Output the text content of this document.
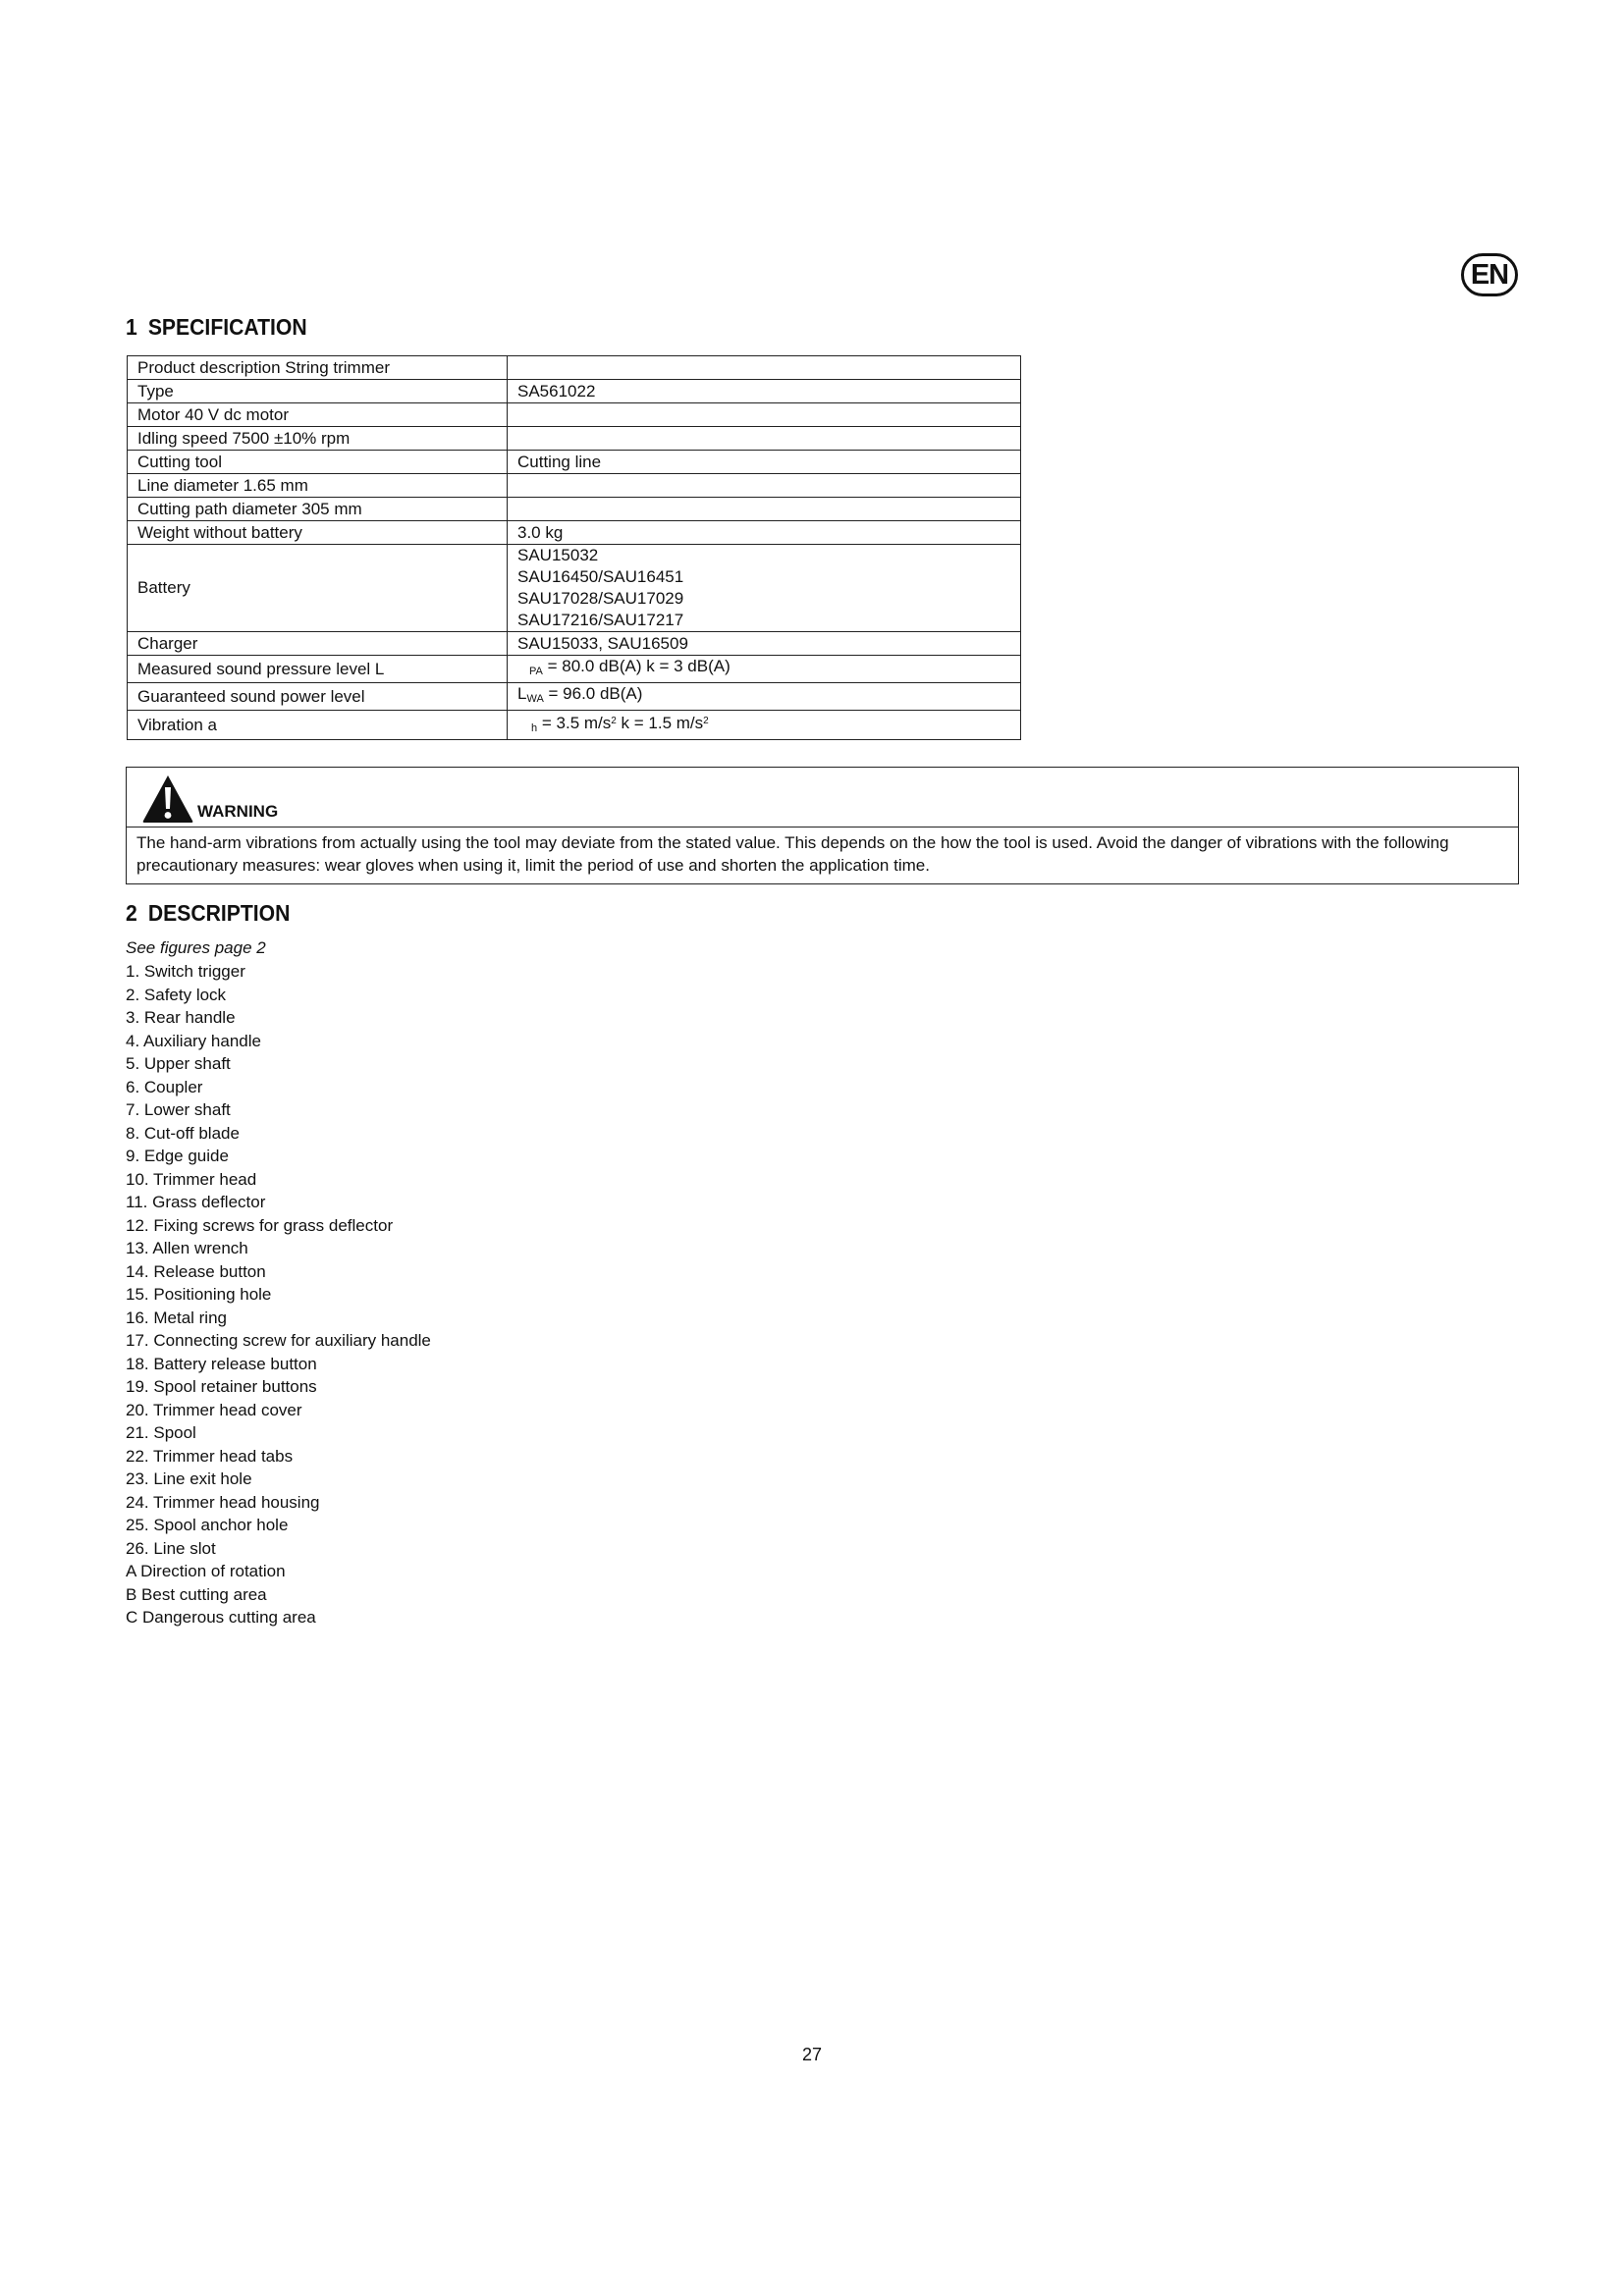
EN
1 SPECIFICATION
Product description String trimmer	
Type	SA561022
Motor 40 V dc motor	
Idling speed 7500 ±10% rpm	
Cutting tool	Cutting line
Line diameter 1.65 mm	
Cutting path diameter 305 mm	
Weight without battery	3.0 kg
Battery	SAU15032
SAU16450/SAU16451
SAU17028/SAU17029
SAU17216/SAU17217

Charger	SAU15033, SAU16509
Measured sound pressure level L	$_{PA}$ = 80.0 dB(A) k = 3 dB(A)
Guaranteed sound power level	$L_{WA} = 96.0$ dB(A)
Vibration a	$_h$ = 3.5 $m/s^2$ k = 1.5 $m/s^2$
WARNING
The hand-arm vibrations from actually using the tool may deviate from the stated value. This depends on the how the tool is used. Avoid the danger of vibrations with the following precautionary measures: wear gloves when using it, limit the period of use and shorten the application time.
2 DESCRIPTION
See figures page 2
1. Switch trigger
2. Safety lock
3. Rear handle
4. Auxiliary handle
5. Upper shaft
6. Coupler
7. Lower shaft
8. Cut-off blade
9. Edge guide
10. Trimmer head
11. Grass deflector
12. Fixing screws for grass deflector
13. Allen wrench
14. Release button
15. Positioning hole
16. Metal ring
17. Connecting screw for auxiliary handle
18. Battery release button
19. Spool retainer buttons
20. Trimmer head cover
21. Spool
22. Trimmer head tabs
23. Line exit hole
24. Trimmer head housing
25. Spool anchor hole
26. Line slot
A Direction of rotation
B Best cutting area
C Dangerous cutting area
27
